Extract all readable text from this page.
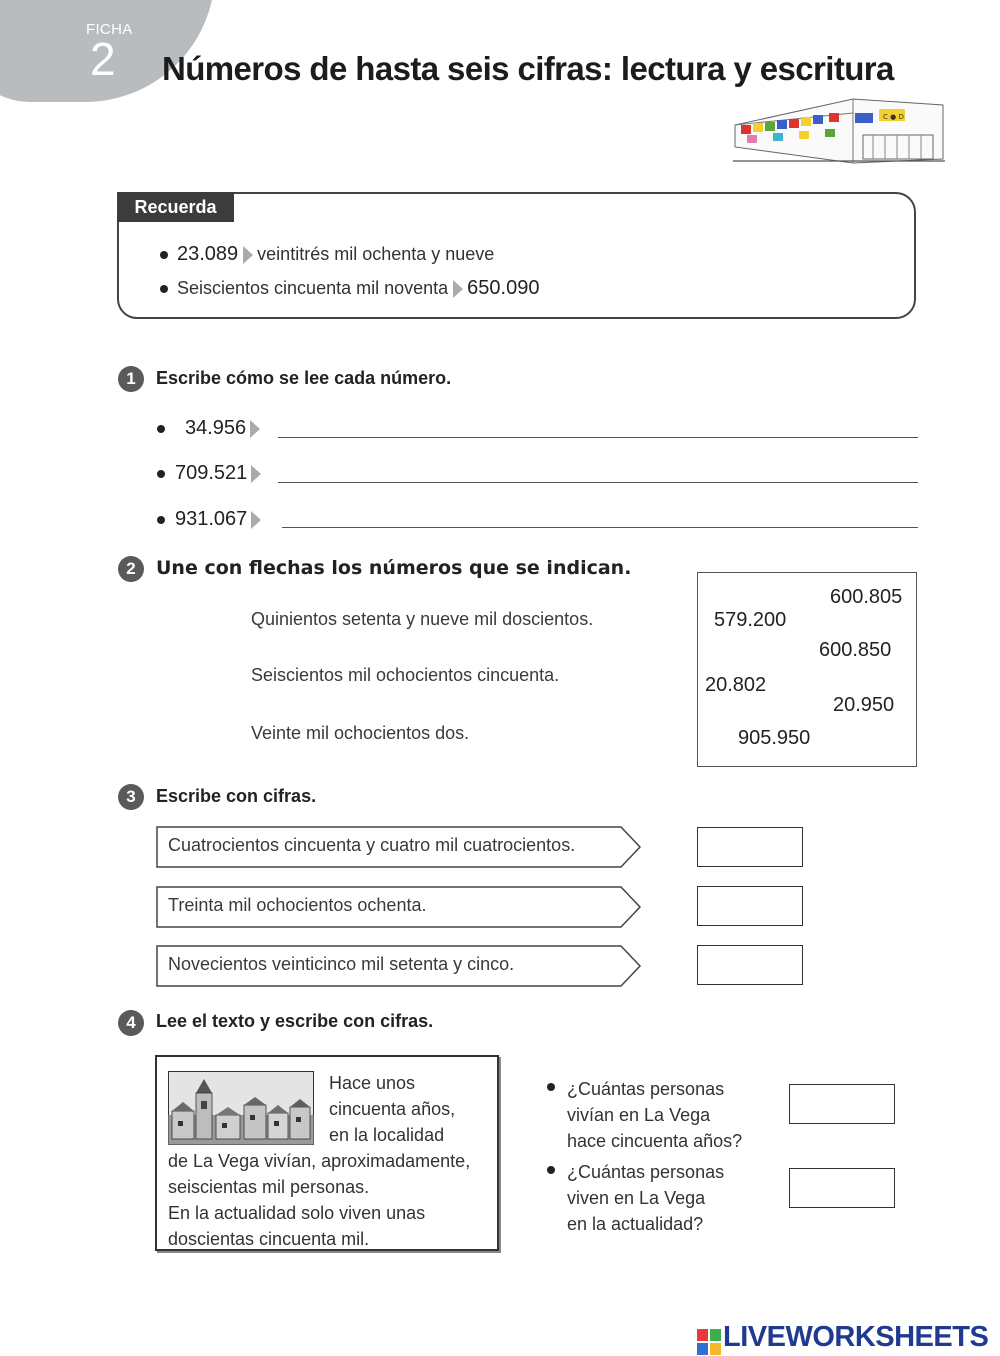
FICHA
2 Números de hasta seis cifras: lectura y escritura
C ● D
Recuerda
23.089 veintitrés mil ochenta y nueve
Seiscientos cincuenta mil noventa 650.090
1	Escribe cómo se lee cada número.
34.956
709.521
931.067
2	Une con flechas los números que se indican.
Quinientos setenta y nueve mil doscientos.
Seiscientos mil ochocientos cincuenta.
Veinte mil ochocientos dos.
600.805
579.200
600.850
20.802
20.950
905.950
3	Escribe con cifras.
Cuatrocientos cincuenta y cuatro mil cuatrocientos.
Treinta mil ochocientos ochenta.
Novecientos veinticinco mil setenta y cinco.
4	Lee el texto y escribe con cifras.
Hace unos
cincuenta años,
en la localidad
de La Vega vivían, aproximadamente,
seiscientas mil personas.
En la actualidad solo viven unas
doscientas cincuenta mil.
¿Cuántas personas
vivían en La Vega
hace cincuenta años?
¿Cuántas personas
viven en La Vega
en la actualidad?
LIVEWORKSHEETS
